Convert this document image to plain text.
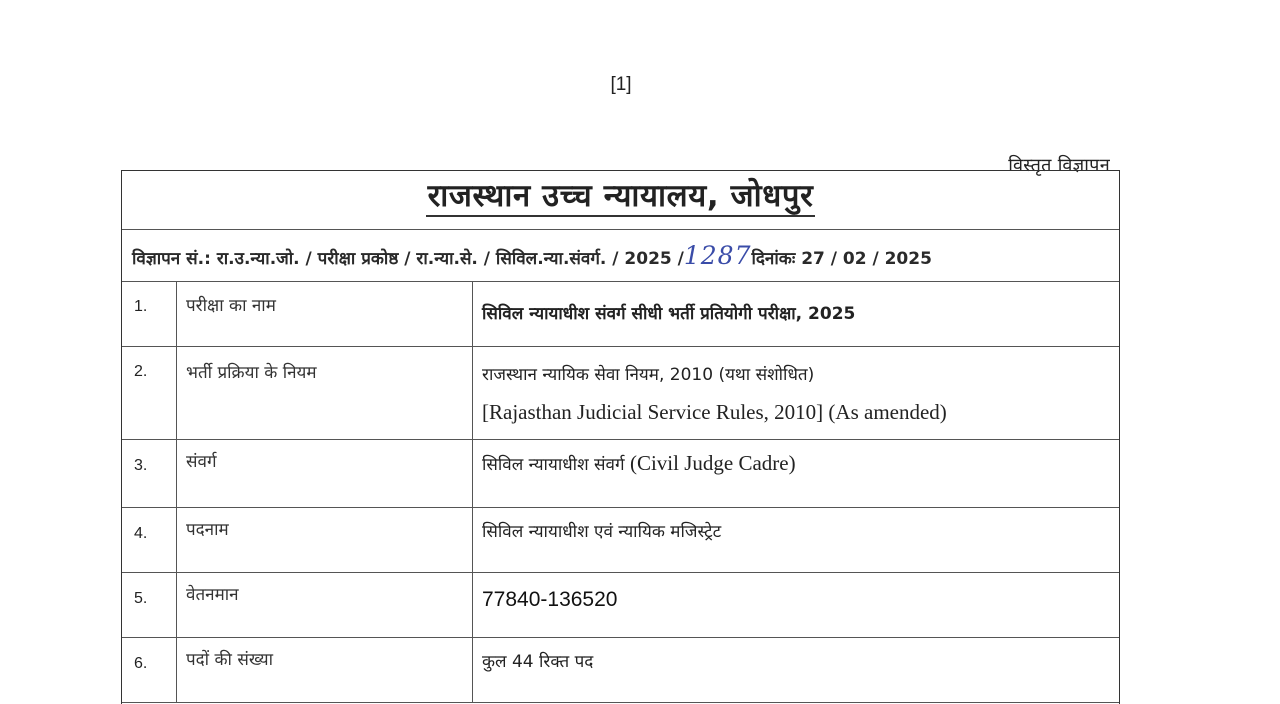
[1]
विस्तृत विज्ञापन
राजस्थान उच्च न्यायालय, जोधपुर
विज्ञापन सं.: रा.उ.न्या.जो. / परीक्षा प्रकोष्ठ / रा.न्या.से. / सिविल.न्या.संवर्ग. / 2025 /1287दिनांकः 27 / 02 / 2025
1. परीक्षा का नाम	सिविल न्यायाधीश संवर्ग सीधी भर्ती प्रतियोगी परीक्षा, 2025
2. भर्ती प्रक्रिया के नियम	राजस्थान न्यायिक सेवा नियम, 2010 (यथा संशोधित)
[Rajasthan Judicial Service Rules, 2010] (As amended)
3. संवर्ग	सिविल न्यायाधीश संवर्ग (Civil Judge Cadre)
4. पदनाम	सिविल न्यायाधीश एवं न्यायिक मजिस्ट्रेट
5. वेतनमान	77840-136520
6. पदों की संख्या	कुल 44 रिक्त पद
